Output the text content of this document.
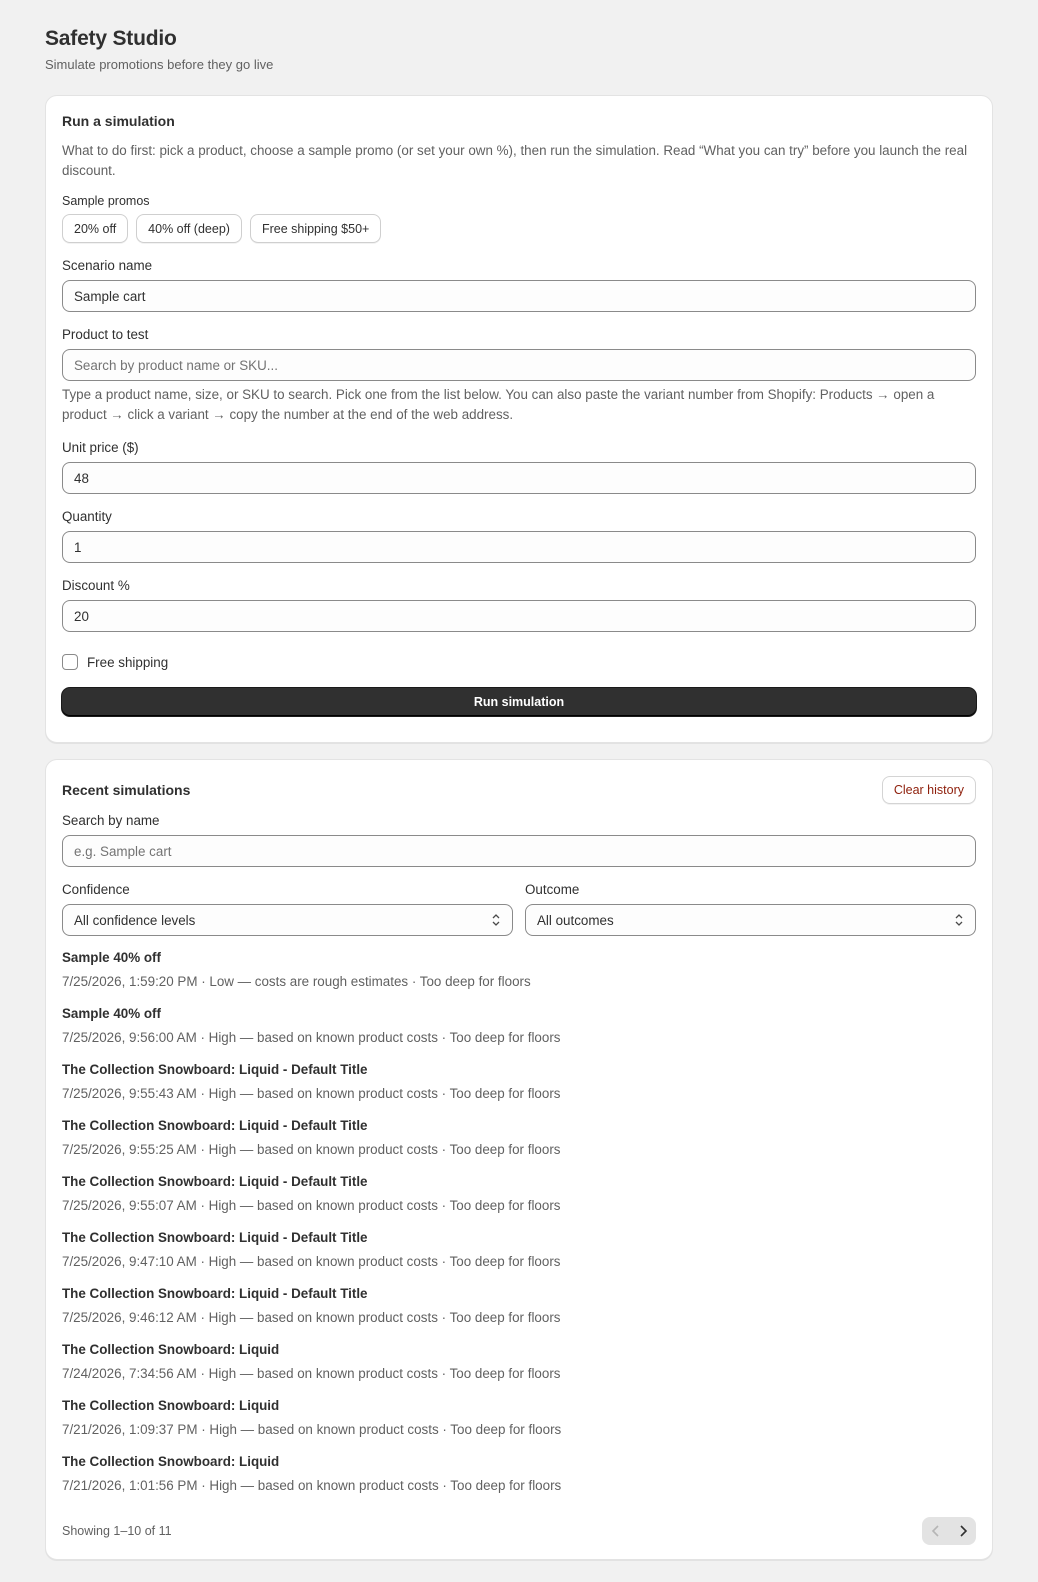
Safety Studio
Simulate promotions before they go live
Run a simulation
What to do first: pick a product, choose a sample promo (or set your own %), then run the simulation. Read “What you can try” before you launch the real discount.
Sample promos
20% off	40% off (deep)	Free shipping $50+
Scenario name
Sample cart
Product to test
Search by product name or SKU...
Type a product name, size, or SKU to search. Pick one from the list below. You can also paste the variant number from Shopify: Products → open a product → click a variant → copy the number at the end of the web address.
Unit price ($)
48
Quantity
1
Discount %
20
Free shipping
Run simulation
Recent simulations	Clear history
Search by name
e.g. Sample cart
Confidence
All confidence levels
Outcome
All outcomes
Sample 40% off
7/25/2026, 1:59:20 PM · Low — costs are rough estimates · Too deep for floors
Sample 40% off
7/25/2026, 9:56:00 AM · High — based on known product costs · Too deep for floors
The Collection Snowboard: Liquid - Default Title
7/25/2026, 9:55:43 AM · High — based on known product costs · Too deep for floors
The Collection Snowboard: Liquid - Default Title
7/25/2026, 9:55:25 AM · High — based on known product costs · Too deep for floors
The Collection Snowboard: Liquid - Default Title
7/25/2026, 9:55:07 AM · High — based on known product costs · Too deep for floors
The Collection Snowboard: Liquid - Default Title
7/25/2026, 9:47:10 AM · High — based on known product costs · Too deep for floors
The Collection Snowboard: Liquid - Default Title
7/25/2026, 9:46:12 AM · High — based on known product costs · Too deep for floors
The Collection Snowboard: Liquid
7/24/2026, 7:34:56 AM · High — based on known product costs · Too deep for floors
The Collection Snowboard: Liquid
7/21/2026, 1:09:37 PM · High — based on known product costs · Too deep for floors
The Collection Snowboard: Liquid
7/21/2026, 1:01:56 PM · High — based on known product costs · Too deep for floors
Showing 1–10 of 11
